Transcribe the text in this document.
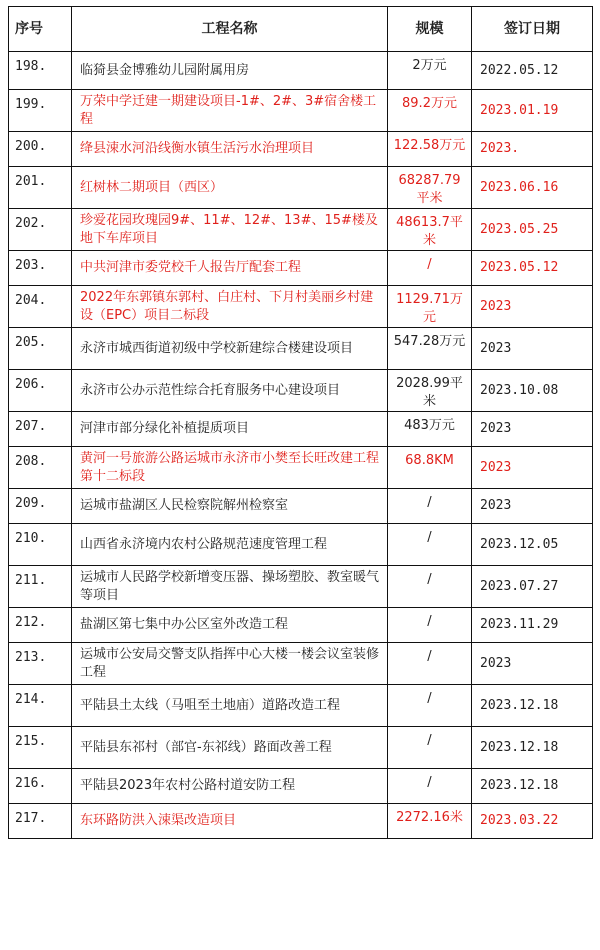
序号	工程名称	规模	签订日期
198.	临猗县金博雅幼儿园附属用房	2万元	2022.05.12
199.	万荣中学迁建一期建设项目-1#、2#、3#宿舍楼工程	89.2万元	2023.01.19
200.	绛县涑水河沿线衡水镇生活污水治理项目	122.58万元	2023.
201.	红树林二期项目（西区）	68287.79平米	2023.06.16
202.	珍爱花园玫瑰园9#、11#、12#、13#、15#楼及地下车库项目	48613.7平米	2023.05.25
203.	中共河津市委党校千人报告厅配套工程	/	2023.05.12
204.	2022年东郭镇东郭村、白庄村、下月村美丽乡村建设（EPC）项目二标段	1129.71万元	2023
205.	永济市城西街道初级中学校新建综合楼建设项目	547.28万元	2023
206.	永济市公办示范性综合托育服务中心建设项目	2028.99平米	2023.10.08
207.	河津市部分绿化补植提质项目	483万元	2023
208.	黄河一号旅游公路运城市永济市小樊至长旺改建工程第十二标段	68.8KM	2023
209.	运城市盐湖区人民检察院解州检察室	/	2023
210.	山西省永济境内农村公路规范速度管理工程	/	2023.12.05
211.	运城市人民路学校新增变压器、操场塑胶、教室暖气等项目	/	2023.07.27
212.	盐湖区第七集中办公区室外改造工程	/	2023.11.29
213.	运城市公安局交警支队指挥中心大楼一楼会议室装修工程	/	2023
214.	平陆县土太线（马咀至土地庙）道路改造工程	/	2023.12.18
215.	平陆县东祁村（部官-东祁线）路面改善工程	/	2023.12.18
216.	平陆县2023年农村公路村道安防工程	/	2023.12.18
217.	东环路防洪入涑渠改造项目	2272.16米	2023.03.22
